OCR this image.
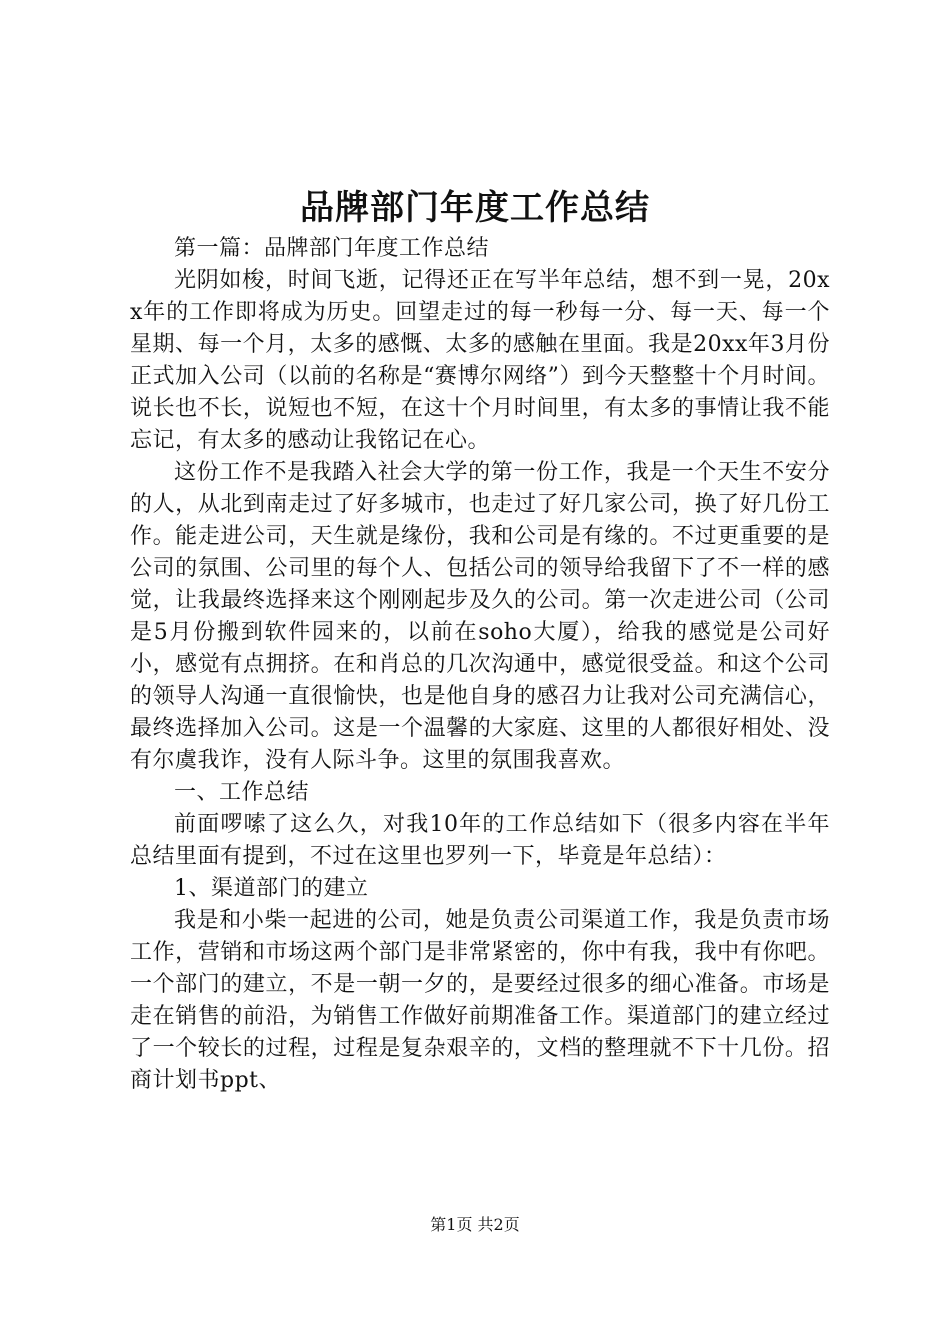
品牌部门年度工作总结

第一篇：品牌部门年度工作总结

光阴如梭，时间飞逝，记得还正在写半年总结，想不到一晃，20xx年的工作即将成为历史。回望走过的每一秒每一分、每一天、每一个星期、每一个月，太多的感慨、太多的感触在里面。我是20xx年3月份正式加入公司（以前的名称是“赛博尔网络”）到今天整整十个月时间。说长也不长，说短也不短，在这十个月时间里，有太多的事情让我不能忘记，有太多的感动让我铭记在心。

这份工作不是我踏入社会大学的第一份工作，我是一个天生不安分的人，从北到南走过了好多城市，也走过了好几家公司，换了好几份工作。能走进公司，天生就是缘份，我和公司是有缘的。不过更重要的是公司的氛围、公司里的每个人、包括公司的领导给我留下了不一样的感觉，让我最终选择来这个刚刚起步及久的公司。第一次走进公司（公司是5月份搬到软件园来的，以前在soho大厦），给我的感觉是公司好小，感觉有点拥挤。在和肖总的几次沟通中，感觉很受益。和这个公司的领导人沟通一直很愉快，也是他自身的感召力让我对公司充满信心，最终选择加入公司。这是一个温馨的大家庭、这里的人都很好相处、没有尔虞我诈，没有人际斗争。这里的氛围我喜欢。

一、工作总结

前面啰嗦了这么久，对我10年的工作总结如下（很多内容在半年总结里面有提到，不过在这里也罗列一下，毕竟是年总结）：

1、渠道部门的建立

我是和小柴一起进的公司，她是负责公司渠道工作，我是负责市场工作，营销和市场这两个部门是非常紧密的，你中有我，我中有你吧。一个部门的建立，不是一朝一夕的，是要经过很多的细心准备。市场是走在销售的前沿，为销售工作做好前期准备工作。渠道部门的建立经过了一个较长的过程，过程是复杂艰辛的，文档的整理就不下十几份。招商计划书ppt、

第1页 共2页
